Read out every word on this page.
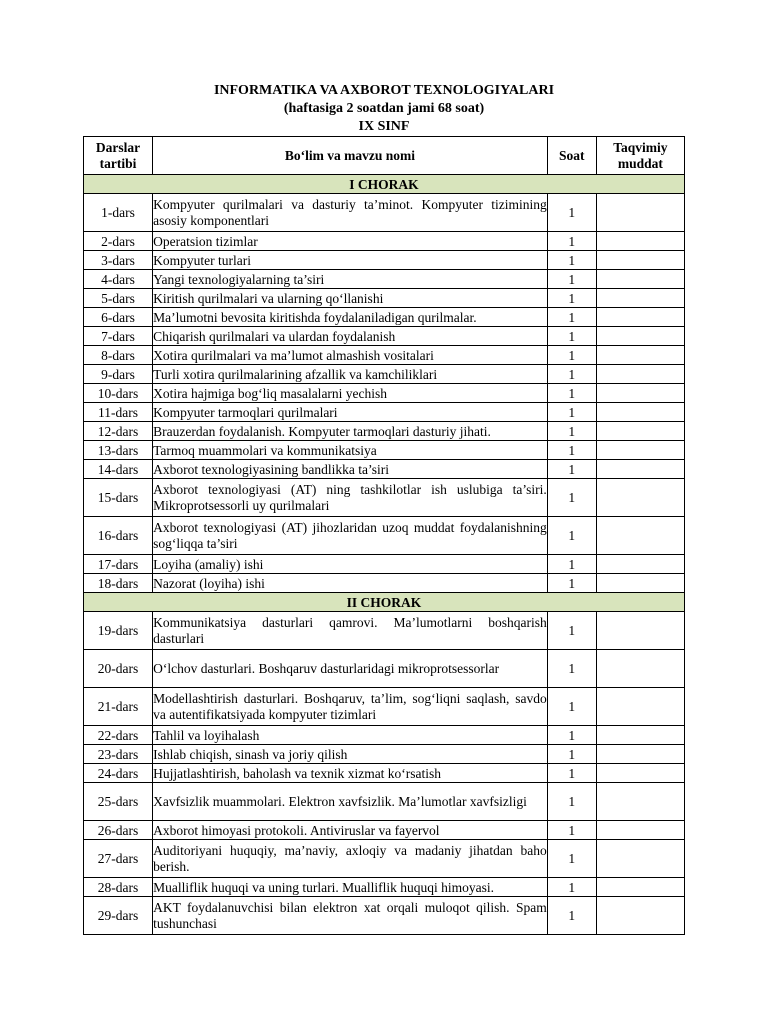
INFORMATIKA VA AXBOROT TEXNOLOGIYALARI
(haftasiga 2 soatdan jami 68 soat)
IX SINF
Darslar tartibi	Bo‘lim va mavzu nomi	Soat	Taqvimiy muddat
I CHORAK			
1-dars	Kompyuter qurilmalari va dasturiy ta’minot. Kompyuter tizimining asosiy komponentlari	1	
2-dars	Operatsion tizimlar	1	
3-dars	Kompyuter turlari	1	
4-dars	Yangi texnologiyalarning ta’siri	1	
5-dars	Kiritish qurilmalari va ularning qo‘llanishi	1	
6-dars	Ma’lumotni bevosita kiritishda foydalaniladigan qurilmalar.	1	
7-dars	Chiqarish qurilmalari va ulardan foydalanish	1	
8-dars	Xotira qurilmalari va ma’lumot almashish vositalari	1	
9-dars	Turli xotira qurilmalarining afzallik va kamchiliklari	1	
10-dars	Xotira hajmiga bog‘liq masalalarni yechish	1	
11-dars	Kompyuter tarmoqlari qurilmalari	1	
12-dars	Brauzerdan foydalanish. Kompyuter tarmoqlari dasturiy jihati.	1	
13-dars	Tarmoq muammolari va kommunikatsiya	1	
14-dars	Axborot texnologiyasining bandlikka ta’siri	1	
15-dars	Axborot texnologiyasi (AT) ning tashkilotlar ish uslubiga ta’siri. Mikroprotsessorli uy qurilmalari	1	
16-dars	Axborot texnologiyasi (AT) jihozlaridan uzoq muddat foydalanishning sog‘liqqa ta’siri	1	
17-dars	Loyiha (amaliy) ishi	1	
18-dars	Nazorat (loyiha) ishi	1	
II CHORAK			
19-dars	Kommunikatsiya dasturlari qamrovi. Ma’lumotlarni boshqarish dasturlari	1	
20-dars	O‘lchov dasturlari. Boshqaruv dasturlaridagi mikroprotsessorlar	1	
21-dars	Modellashtirish dasturlari. Boshqaruv, ta’lim, sog‘liqni saqlash, savdo va autentifikatsiyada kompyuter tizimlari	1	
22-dars	Tahlil va loyihalash	1	
23-dars	Ishlab chiqish, sinash va joriy qilish	1	
24-dars	Hujjatlashtirish, baholash va texnik xizmat ko‘rsatish	1	
25-dars	Xavfsizlik muammolari. Elektron xavfsizlik. Ma’lumotlar xavfsizligi	1	
26-dars	Axborot himoyasi protokoli. Antiviruslar va fayervol	1	
27-dars	Auditoriyani huquqiy, ma’naviy, axloqiy va madaniy jihatdan baho berish.	1	
28-dars	Mualliflik huquqi va uning turlari. Mualliflik huquqi himoyasi.	1	
29-dars	AKT foydalanuvchisi bilan elektron xat orqali muloqot qilish. Spam tushunchasi	1	
